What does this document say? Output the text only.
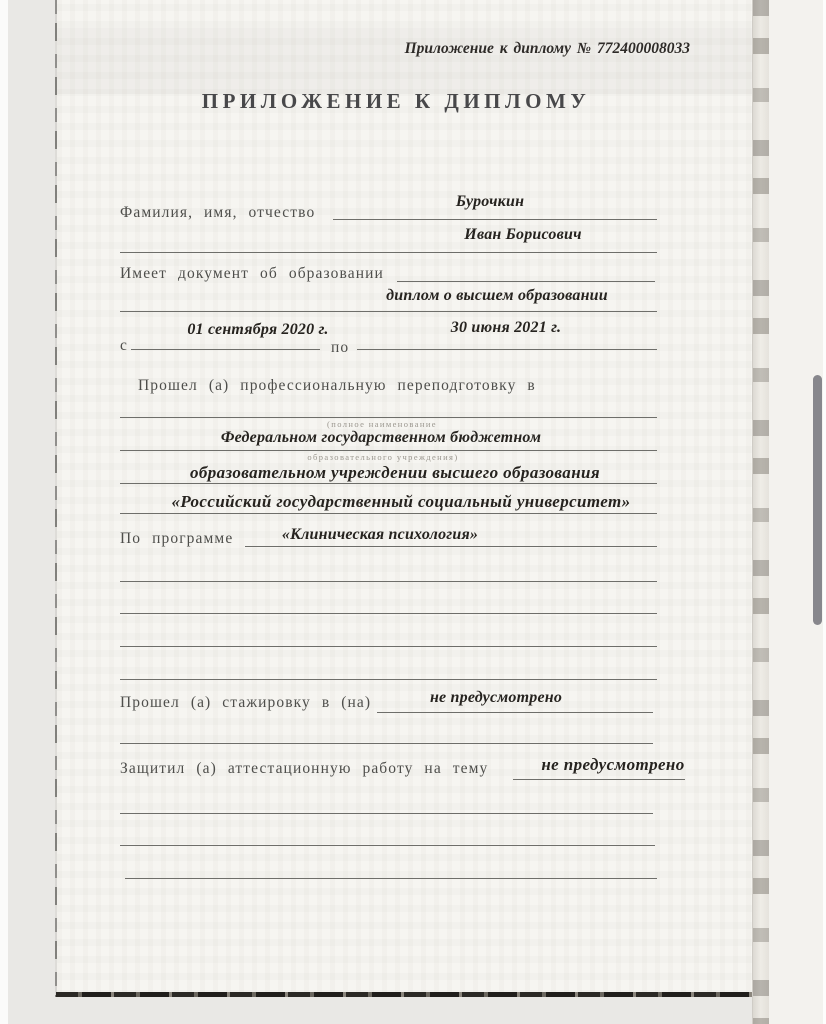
Приложение к диплому № 772400008033
ПРИЛОЖЕНИЕ К ДИПЛОМУ
Фамилия, имя, отчество
Бурочкин
Иван Борисович
Имеет документ об образовании
диплом о высшем образовании
с
01 сентября 2020 г.
по
30 июня 2021 г.
Прошел (а) профессиональную переподготовку в
(полное наименование
Федеральном государственном бюджетном
образовательного учреждения)
образовательном учреждении высшего образования
«Российский государственный социальный университет»
По программе	«Клиническая психология»
Прошел (а) стажировку в (на)	не предусмотрено
Защитил (а) аттестационную работу на тему	не предусмотрено
